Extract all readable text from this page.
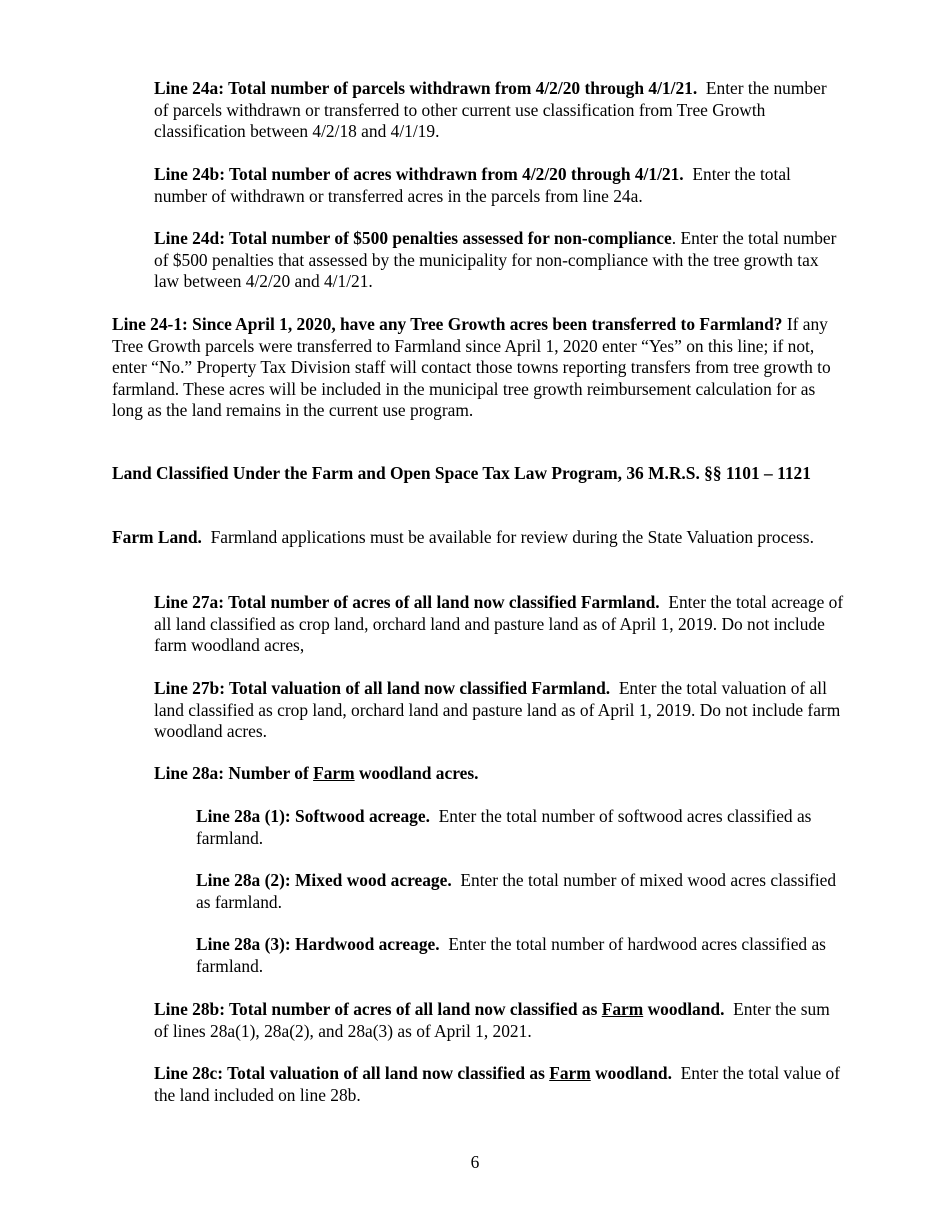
Line 24a: Total number of parcels withdrawn from 4/2/20 through 4/1/21. Enter the number of parcels withdrawn or transferred to other current use classification from Tree Growth classification between 4/2/18 and 4/1/19.

Line 24b: Total number of acres withdrawn from 4/2/20 through 4/1/21. Enter the total number of withdrawn or transferred acres in the parcels from line 24a.

Line 24d: Total number of $500 penalties assessed for non-compliance. Enter the total number of $500 penalties that assessed by the municipality for non-compliance with the tree growth tax law between 4/2/20 and 4/1/21.

Line 24-1: Since April 1, 2020, have any Tree Growth acres been transferred to Farmland? If any Tree Growth parcels were transferred to Farmland since April 1, 2020 enter “Yes” on this line; if not, enter “No.” Property Tax Division staff will contact those towns reporting transfers from tree growth to farmland. These acres will be included in the municipal tree growth reimbursement calculation for as long as the land remains in the current use program.

Land Classified Under the Farm and Open Space Tax Law Program, 36 M.R.S. §§ 1101 – 1121

Farm Land. Farmland applications must be available for review during the State Valuation process.

Line 27a: Total number of acres of all land now classified Farmland. Enter the total acreage of all land classified as crop land, orchard land and pasture land as of April 1, 2019. Do not include farm woodland acres,

Line 27b: Total valuation of all land now classified Farmland. Enter the total valuation of all land classified as crop land, orchard land and pasture land as of April 1, 2019. Do not include farm woodland acres.

Line 28a: Number of Farm woodland acres.

Line 28a (1): Softwood acreage. Enter the total number of softwood acres classified as farmland.

Line 28a (2): Mixed wood acreage. Enter the total number of mixed wood acres classified as farmland.

Line 28a (3): Hardwood acreage. Enter the total number of hardwood acres classified as farmland.

Line 28b: Total number of acres of all land now classified as Farm woodland. Enter the sum of lines 28a(1), 28a(2), and 28a(3) as of April 1, 2021.

Line 28c: Total valuation of all land now classified as Farm woodland. Enter the total value of the land included on line 28b.

6
